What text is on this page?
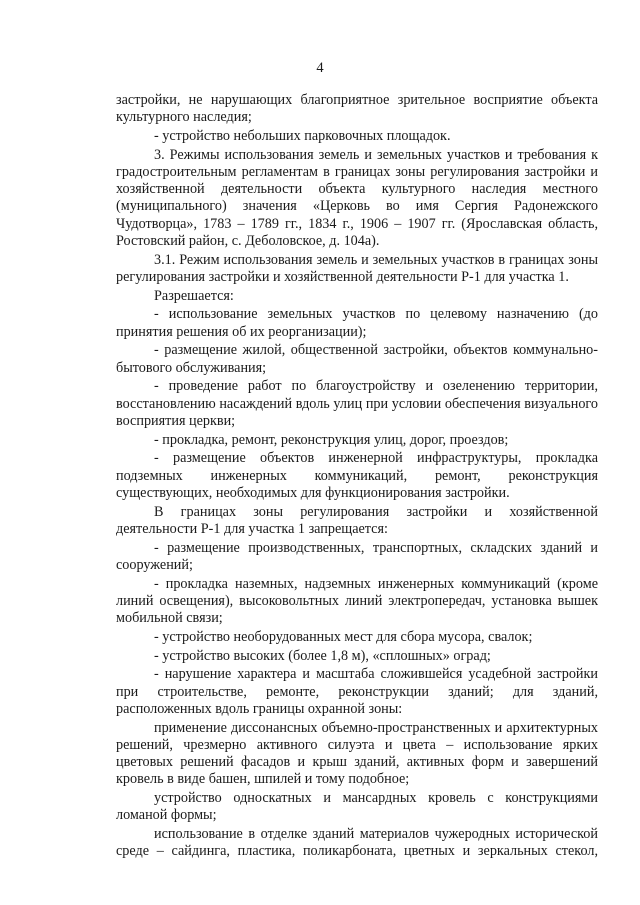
4

застройки, не нарушающих благоприятное зрительное восприятие объекта культурного наследия;

- устройство небольших парковочных площадок.

3. Режимы использования земель и земельных участков и требования к градостроительным регламентам в границах зоны регулирования застройки и хозяйственной деятельности объекта культурного наследия местного (муниципального) значения «Церковь во имя Сергия Радонежского Чудотворца», 1783 – 1789 гг., 1834 г., 1906 – 1907 гг. (Ярославская область, Ростовский район, с. Деболовское, д. 104а).

3.1. Режим использования земель и земельных участков в границах зоны регулирования застройки и хозяйственной деятельности Р-1 для участка 1.

Разрешается:

- использование земельных участков по целевому назначению (до принятия решения об их реорганизации);

- размещение жилой, общественной застройки, объектов коммунально-бытового обслуживания;

- проведение работ по благоустройству и озеленению территории, восстановлению насаждений вдоль улиц при условии обеспечения визуального восприятия церкви;

- прокладка, ремонт, реконструкция улиц, дорог, проездов;

- размещение объектов инженерной инфраструктуры, прокладка подземных инженерных коммуникаций, ремонт, реконструкция существующих, необходимых для функционирования застройки.

В границах зоны регулирования застройки и хозяйственной деятельности Р-1 для участка 1 запрещается:

- размещение производственных, транспортных, складских зданий и сооружений;

- прокладка наземных, надземных инженерных коммуникаций (кроме линий освещения), высоковольтных линий электропередач, установка вышек мобильной связи;

- устройство необорудованных мест для сбора мусора, свалок;

- устройство высоких (более 1,8 м), «сплошных» оград;

- нарушение характера и масштаба сложившейся усадебной застройки при строительстве, ремонте, реконструкции зданий; для зданий, расположенных вдоль границы охранной зоны:

применение диссонансных объемно-пространственных и архитектурных решений, чрезмерно активного силуэта и цвета – использование ярких цветовых решений фасадов и крыш зданий, активных форм и завершений кровель в виде башен, шпилей и тому подобное;

устройство односкатных и мансардных кровель с конструкциями ломаной формы;

использование в отделке зданий материалов чужеродных исторической среде – сайдинга, пластика, поликарбоната, цветных и зеркальных стекол,
